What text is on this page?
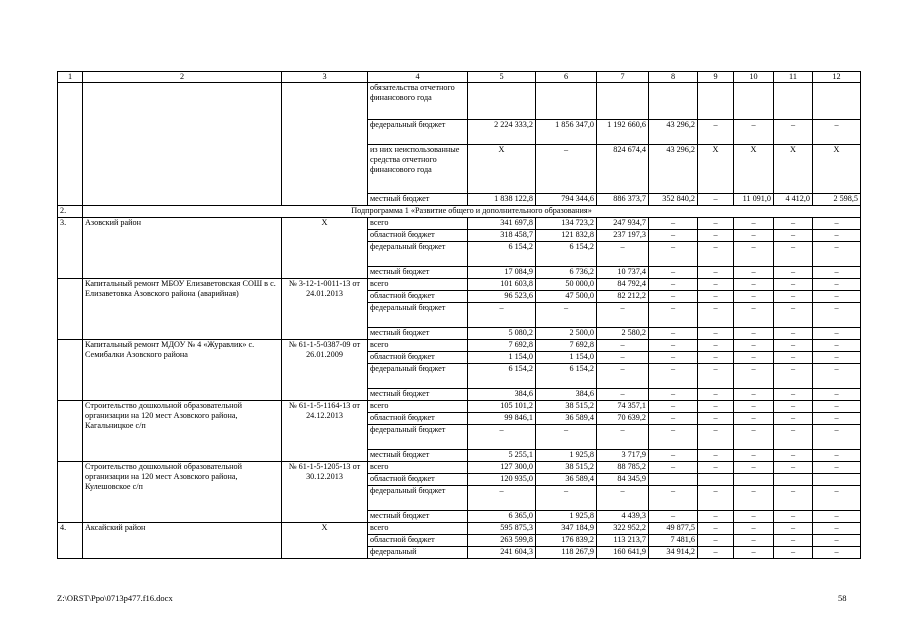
1	2	3	4	5	6	7	8	9	10	11	12
			обязательства отчетного финансового года								
			федеральный бюджет	2 224 333,2	1 856 347,0	1 192 660,6	43 296,2	–	–	–	–
			из них неиспользованные средства отчетного финансового года	Х	–	824 674,4	43 296,2	Х	Х	Х	Х
			местный бюджет	1 838 122,8	794 344,6	886 373,7	352 840,2	–	11 091,0	4 412,0	2 598,5
2.	Подпрограмма 1 «Развитие общего и дополнительного образования»										
3.	Азовский район	Х	всего	341 697,8	134 723,2	247 934,7	–	–	–	–	–
			областной бюджет	318 458,7	121 832,8	237 197,3	–	–	–	–	–
			федеральный бюджет	6 154,2	6 154,2	–	–	–	–	–	–
			местный бюджет	17 084,9	6 736,2	10 737,4	–	–	–	–	–
	Капитальный ремонт МБОУ Елизаветовская СОШ в с. Елизаветовка Азовского района (аварийная)	№ 3-12-1-0011-13 от 24.01.2013	всего	101 603,8	50 000,0	84 792,4	–	–	–	–	–
			областной бюджет	96 523,6	47 500,0	82 212,2	–	–	–	–	–
			федеральный бюджет	–	–	–	–	–	–	–	–
			местный бюджет	5 080,2	2 500,0	2 580,2	–	–	–	–	–
	Капитальный ремонт МДОУ № 4 «Журавлик» с. Семибалки Азовского района	№ 61-1-5-0387-09 от 26.01.2009	всего	7 692,8	7 692,8	–	–	–	–	–	–
			областной бюджет	1 154,0	1 154,0	–	–	–	–	–	–
			федеральный бюджет	6 154,2	6 154,2	–	–	–	–	–	–
			местный бюджет	384,6	384,6	–	–	–	–	–	–
	Строительство дошкольной образовательной организации на 120 мест Азовского района, Кагальницкое с/п	№ 61-1-5-1164-13 от 24.12.2013	всего	105 101,2	38 515,2	74 357,1	–	–	–	–	–
			областной бюджет	99 846,1	36 589,4	70 639,2	–	–	–	–	–
			федеральный бюджет	–	–	–	–	–	–	–	–
			местный бюджет	5 255,1	1 925,8	3 717,9	–	–	–	–	–
	Строительство дошкольной образовательной организации на 120 мест Азовского района, Кулешовское с/п	№ 61-1-5-1205-13 от 30.12.2013	всего	127 300,0	38 515,2	88 785,2	–	–	–	–	–
			областной бюджет	120 935,0	36 589,4	84 345,9					
			федеральный бюджет	–	–	–	–	–	–	–	–
			местный бюджет	6 365,0	1 925,8	4 439,3	–	–	–	–	–
4.	Аксайский район	Х	всего	595 875,3	347 184,9	322 952,2	49 877,5	–	–	–	–
			областной бюджет	263 599,8	176 839,2	113 213,7	7 481,6	–	–	–	–
			федеральный	241 604,3	118 267,9	160 641,9	34 914,2	–	–	–	–
Z:\ORST\Ppo\0713p477.f16.docx	58
